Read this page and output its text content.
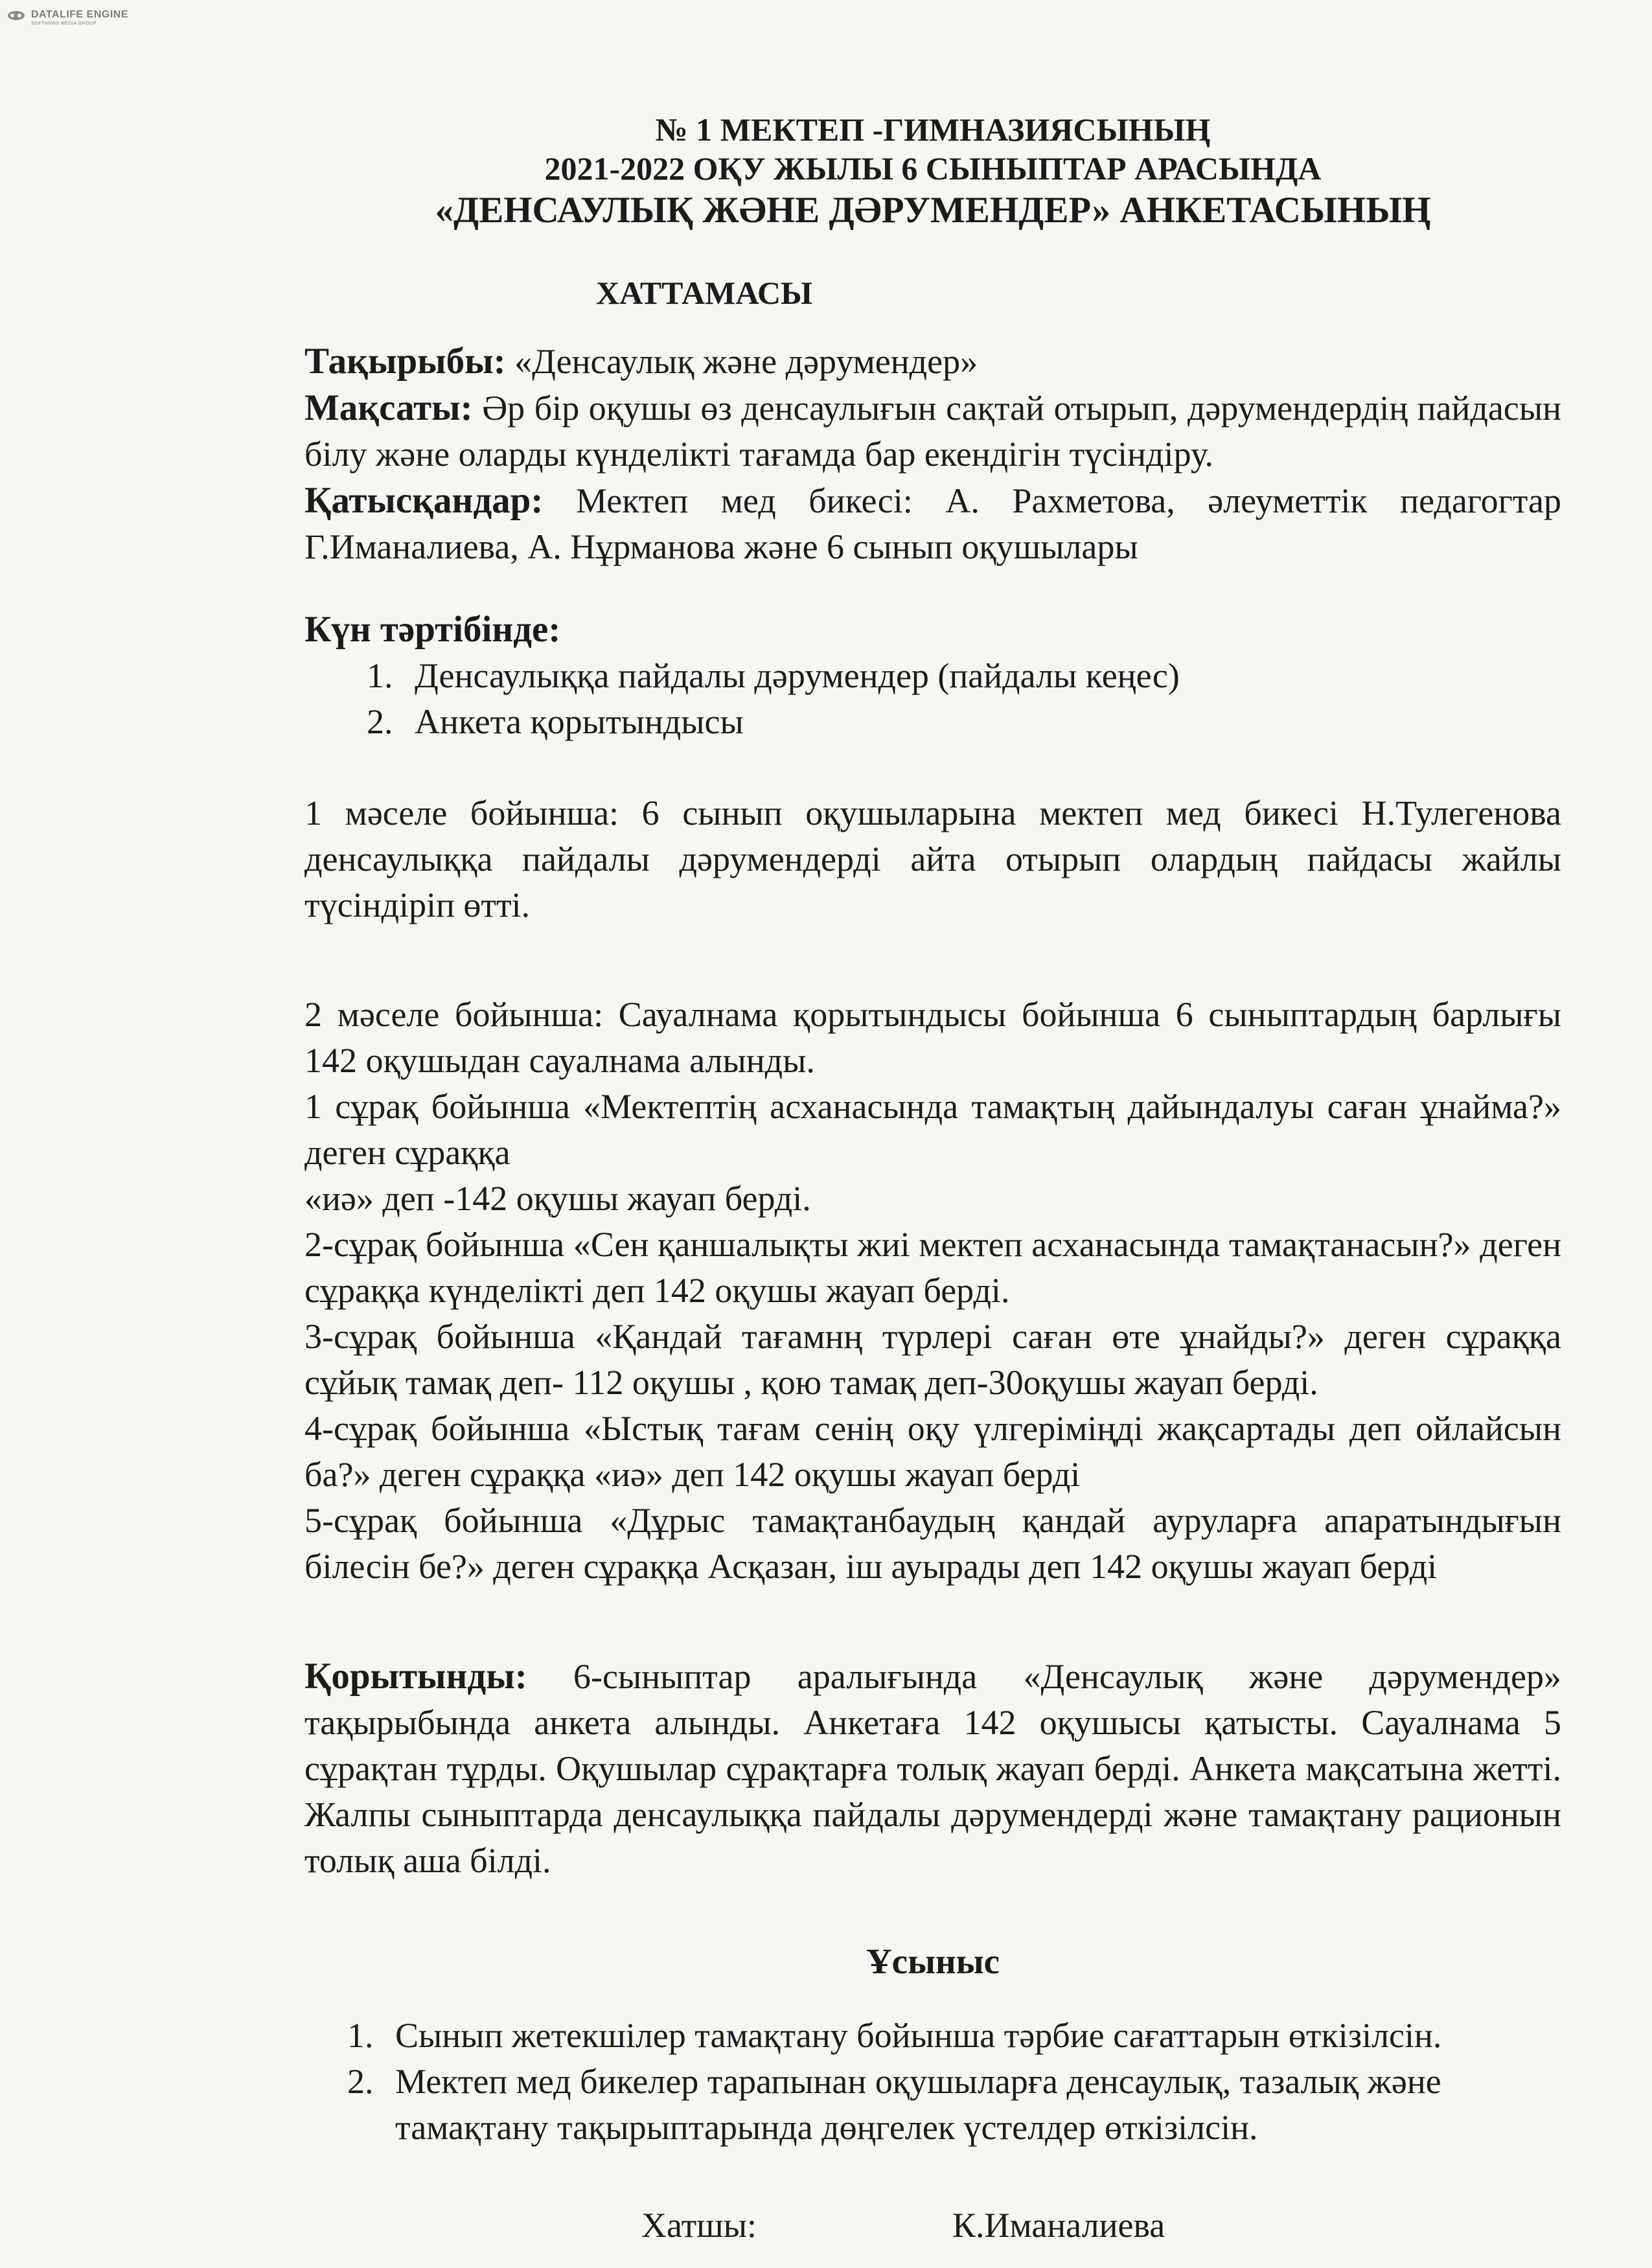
DATALIFE ENGINE
SOFTNEWS MEDIA GROUP

№ 1 МЕКТЕП -ГИМНАЗИЯСЫНЫҢ

2021-2022 ОҚУ ЖЫЛЫ 6 СЫНЫПТАР АРАСЫНДА

«ДЕНСАУЛЫҚ ЖӘНЕ ДӘРУМЕНДЕР» АНКЕТАСЫНЫҢ

ХАТТАМАСЫ

Тақырыбы: «Денсаулық және дәрумендер»

Мақсаты: Әр бір оқушы өз денсаулығын сақтай отырып, дәрумендердің пайдасын білу және оларды күнделікті тағамда бар екендігін түсіндіру.

Қатысқандар: Мектеп мед бикесі: А. Рахметова, әлеуметтік педагогтар Г.Иманалиева, А. Нұрманова және 6 сынып оқушылары

Күн тәртібінде:

1. Денсаулыққа пайдалы дәрумендер (пайдалы кеңес)
2. Анкета қорытындысы

1 мәселе бойынша: 6 сынып оқушыларына мектеп мед бикесі Н.Тулегенова денсаулыққа пайдалы дәрумендерді айта отырып олардың пайдасы жайлы түсіндіріп өтті.

2 мәселе бойынша: Сауалнама қорытындысы бойынша 6 сыныптардың барлығы 142 оқушыдан сауалнама алынды.

1 сұрақ бойынша «Мектептің асханасында тамақтың дайындалуы саған ұнайма?» деген сұраққа

«иә» деп -142 оқушы жауап берді.

2-сұрақ бойынша «Сен қаншалықты жиі мектеп асханасында тамақтанасын?» деген сұраққа күнделікті деп 142 оқушы жауап берді.

3-сұрақ бойынша «Қандай тағамнң түрлері саған өте ұнайды?» деген сұраққа сұйық тамақ деп- 112 оқушы , қою тамақ деп-30оқушы жауап берді.

4-сұрақ бойынша «Ыстық тағам сенің оқу үлгеріміңді жақсартады деп ойлайсын ба?» деген сұраққа «иә» деп 142 оқушы жауап берді

5-сұрақ бойынша «Дұрыс тамақтанбаудың қандай ауруларға апаратындығын білесін бе?» деген сұраққа Асқазан, іш ауырады деп 142 оқушы жауап берді

Қорытынды: 6-сыныптар аралығында «Денсаулық және дәрумендер» тақырыбында анкета алынды. Анкетаға 142 оқушысы қатысты. Сауалнама 5 сұрақтан тұрды. Оқушылар сұрақтарға толық жауап берді. Анкета мақсатына жетті. Жалпы сыныптарда денсаулыққа пайдалы дәрумендерді және тамақтану рационын толық аша білді.

Ұсыныс
1. Сынып жетекшілер тамақтану бойынша тәрбие сағаттарын өткізілсін.
2. Мектеп мед бикелер тарапынан оқушыларға денсаулық, тазалық және тамақтану тақырыптарында дөңгелек үстелдер өткізілсін.
Хатшы:	К.Иманалиева
